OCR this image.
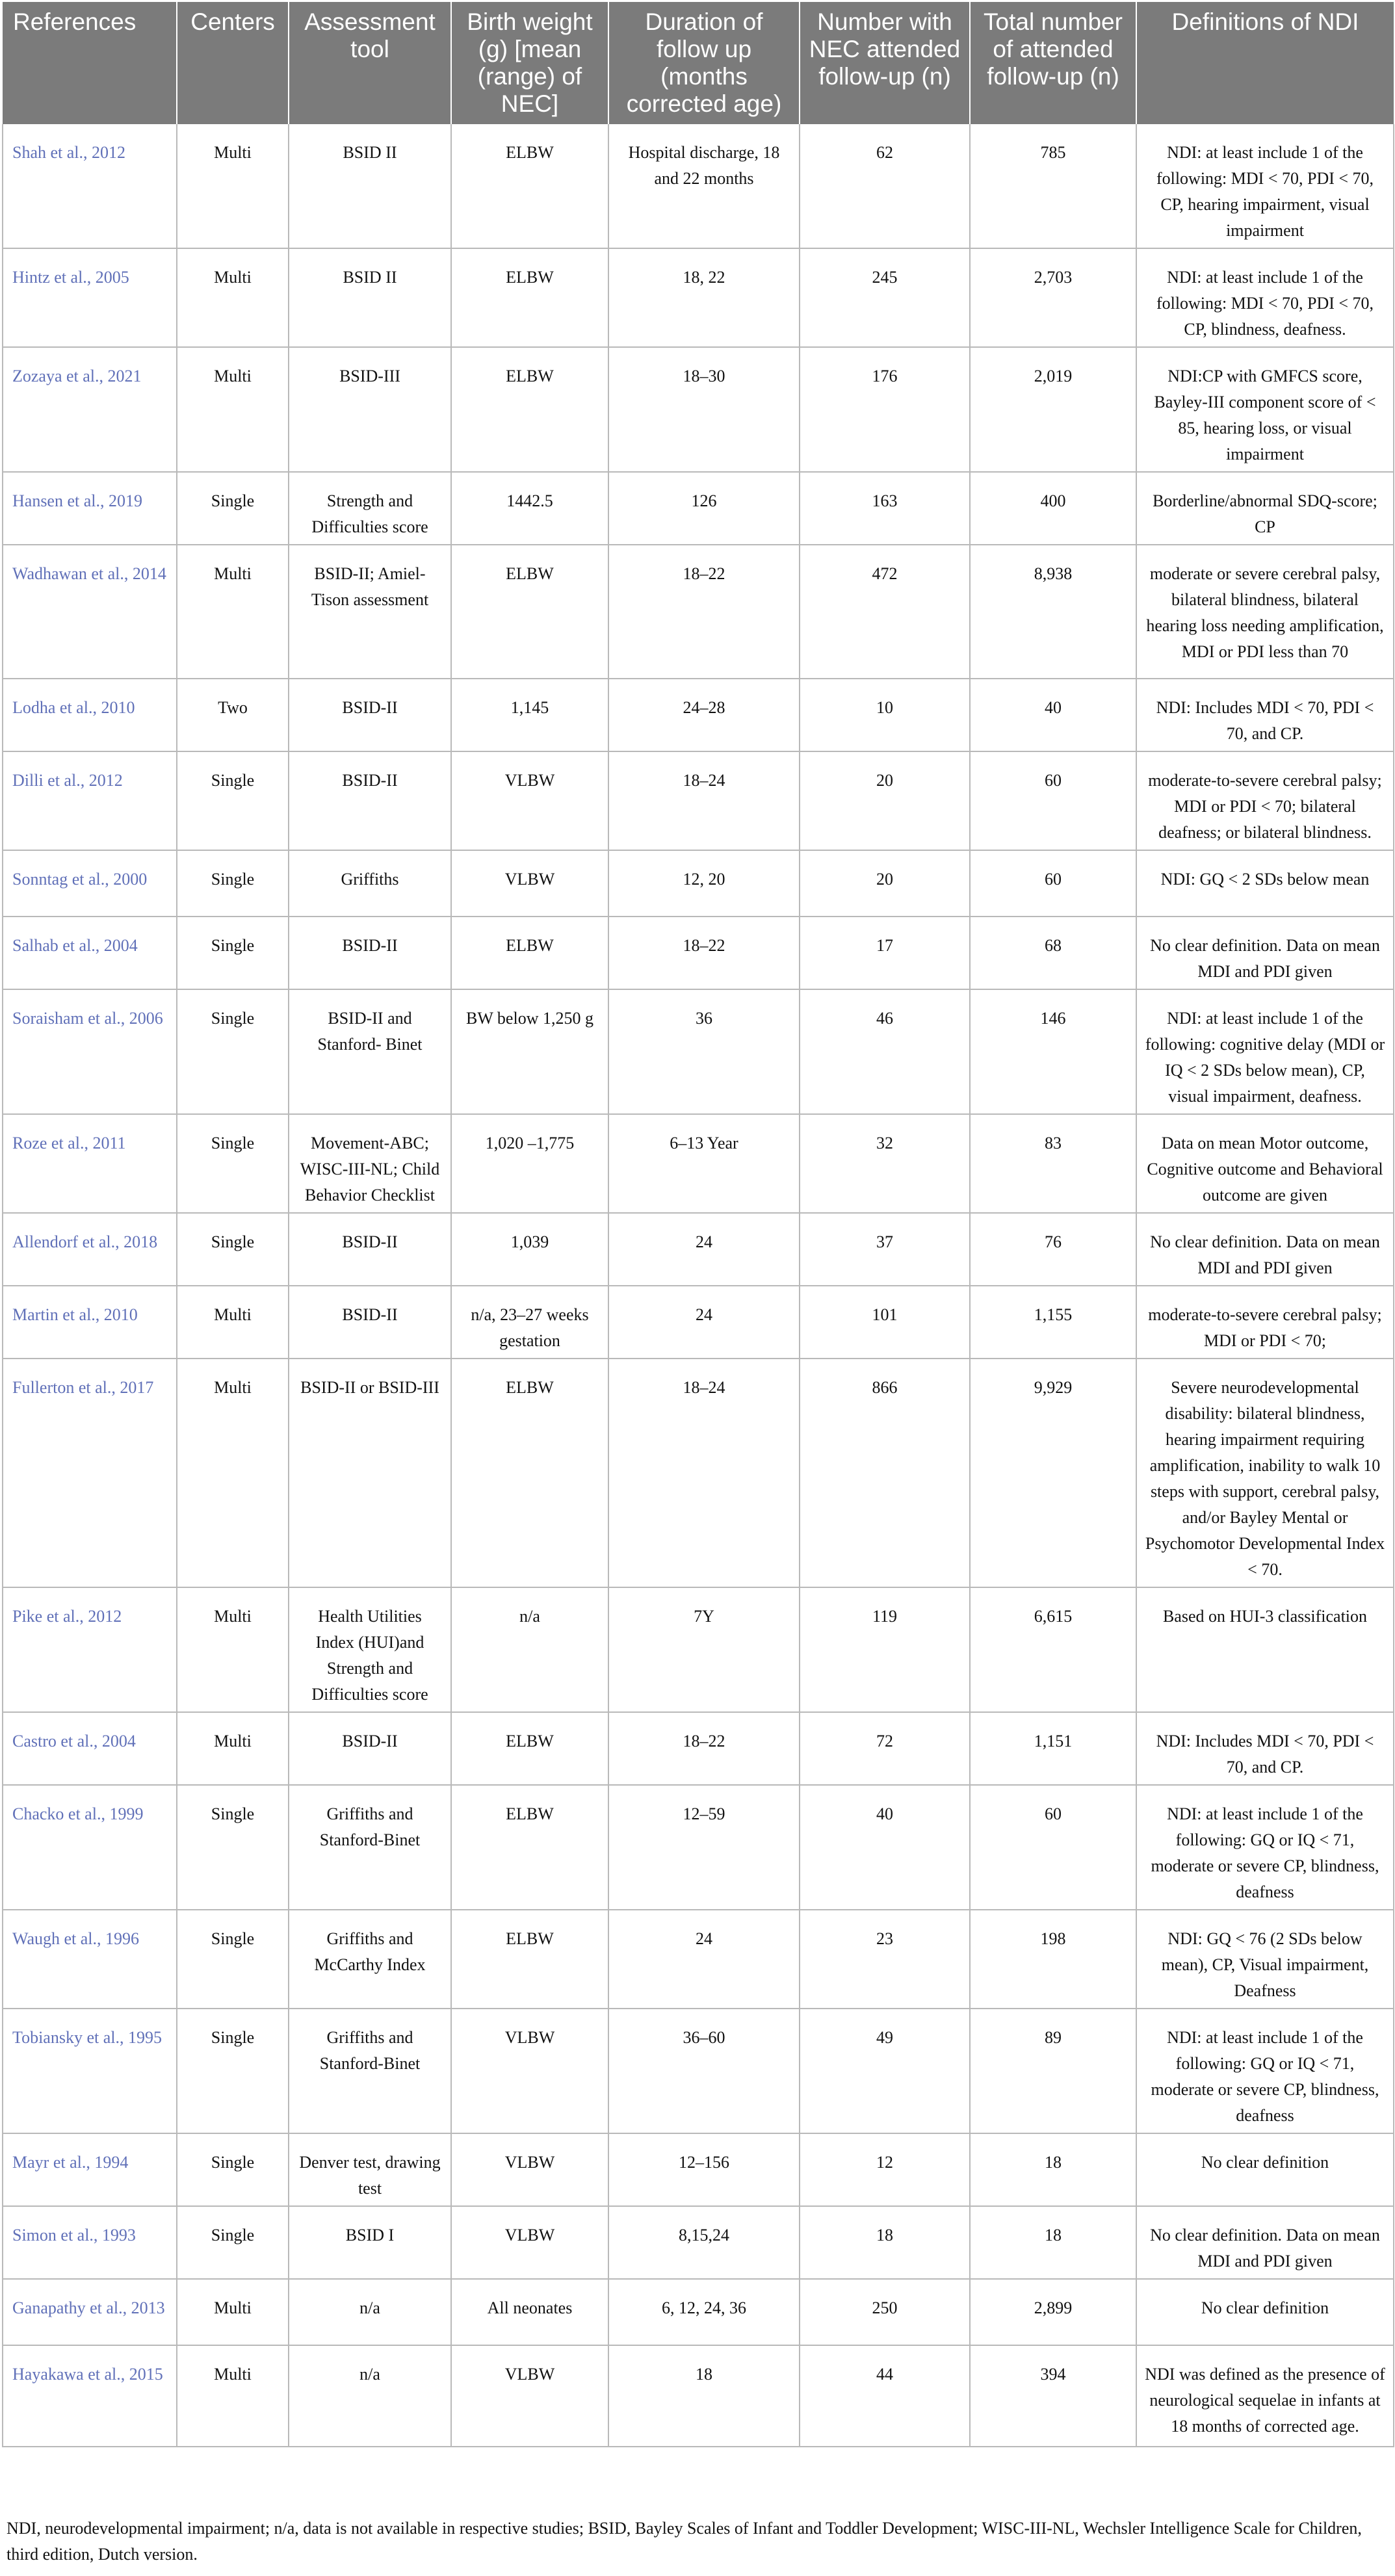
References	Centers	Assessment tool	Birth weight (g) [mean (range) of NEC]	Duration of follow up (months corrected age)	Number with NEC attended follow-up (n)	Total number of attended follow-up (n)	Definitions of NDI
Shah et al., 2012	Multi	BSID II	ELBW	Hospital discharge, 18 and 22 months	62	785	NDI: at least include 1 of the following: MDI < 70, PDI < 70, CP, hearing impairment, visual impairment
Hintz et al., 2005	Multi	BSID II	ELBW	18, 22	245	2,703	NDI: at least include 1 of the following: MDI < 70, PDI < 70, CP, blindness, deafness.
Zozaya et al., 2021	Multi	BSID-III	ELBW	18–30	176	2,019	NDI:CP with GMFCS score, Bayley-III component score of < 85, hearing loss, or visual impairment
Hansen et al., 2019	Single	Strength and Difficulties score	1442.5	126	163	400	Borderline/abnormal SDQ-score; CP
Wadhawan et al., 2014	Multi	BSID-II; Amiel-Tison assessment	ELBW	18–22	472	8,938	moderate or severe cerebral palsy, bilateral blindness, bilateral hearing loss needing amplification, MDI or PDI less than 70
Lodha et al., 2010	Two	BSID-II	1,145	24–28	10	40	NDI: Includes MDI < 70, PDI < 70, and CP.
Dilli et al., 2012	Single	BSID-II	VLBW	18–24	20	60	moderate-to-severe cerebral palsy; MDI or PDI < 70; bilateral deafness; or bilateral blindness.
Sonntag et al., 2000	Single	Griffiths	VLBW	12, 20	20	60	NDI: GQ < 2 SDs below mean
Salhab et al., 2004	Single	BSID-II	ELBW	18–22	17	68	No clear definition. Data on mean MDI and PDI given
Soraisham et al., 2006	Single	BSID-II and Stanford- Binet	BW below 1,250 g	36	46	146	NDI: at least include 1 of the following: cognitive delay (MDI or IQ < 2 SDs below mean), CP, visual impairment, deafness.
Roze et al., 2011	Single	Movement-ABC; WISC-III-NL; Child Behavior Checklist	1,020 –1,775	6–13 Year	32	83	Data on mean Motor outcome, Cognitive outcome and Behavioral outcome are given
Allendorf et al., 2018	Single	BSID-II	1,039	24	37	76	No clear definition. Data on mean MDI and PDI given
Martin et al., 2010	Multi	BSID-II	n/a, 23–27 weeks gestation	24	101	1,155	moderate-to-severe cerebral palsy; MDI or PDI < 70;
Fullerton et al., 2017	Multi	BSID-II or BSID-III	ELBW	18–24	866	9,929	Severe neurodevelopmental disability: bilateral blindness, hearing impairment requiring amplification, inability to walk 10 steps with support, cerebral palsy, and/or Bayley Mental or Psychomotor Developmental Index < 70.
Pike et al., 2012	Multi	Health Utilities Index (HUI)and Strength and Difficulties score	n/a	7Y	119	6,615	Based on HUI-3 classification
Castro et al., 2004	Multi	BSID-II	ELBW	18–22	72	1,151	NDI: Includes MDI < 70, PDI < 70, and CP.
Chacko et al., 1999	Single	Griffiths and Stanford-Binet	ELBW	12–59	40	60	NDI: at least include 1 of the following: GQ or IQ < 71, moderate or severe CP, blindness, deafness
Waugh et al., 1996	Single	Griffiths and McCarthy Index	ELBW	24	23	198	NDI: GQ < 76 (2 SDs below mean), CP, Visual impairment, Deafness
Tobiansky et al., 1995	Single	Griffiths and Stanford-Binet	VLBW	36–60	49	89	NDI: at least include 1 of the following: GQ or IQ < 71, moderate or severe CP, blindness, deafness
Mayr et al., 1994	Single	Denver test, drawing test	VLBW	12–156	12	18	No clear definition
Simon et al., 1993	Single	BSID I	VLBW	8,15,24	18	18	No clear definition. Data on mean MDI and PDI given
Ganapathy et al., 2013	Multi	n/a	All neonates	6, 12, 24, 36	250	2,899	No clear definition
Hayakawa et al., 2015	Multi	n/a	VLBW	18	44	394	NDI was defined as the presence of neurological sequelae in infants at 18 months of corrected age.
NDI, neurodevelopmental impairment; n/a, data is not available in respective studies; BSID, Bayley Scales of Infant and Toddler Development; WISC-III-NL, Wechsler Intelligence Scale for Children, third edition, Dutch version.
